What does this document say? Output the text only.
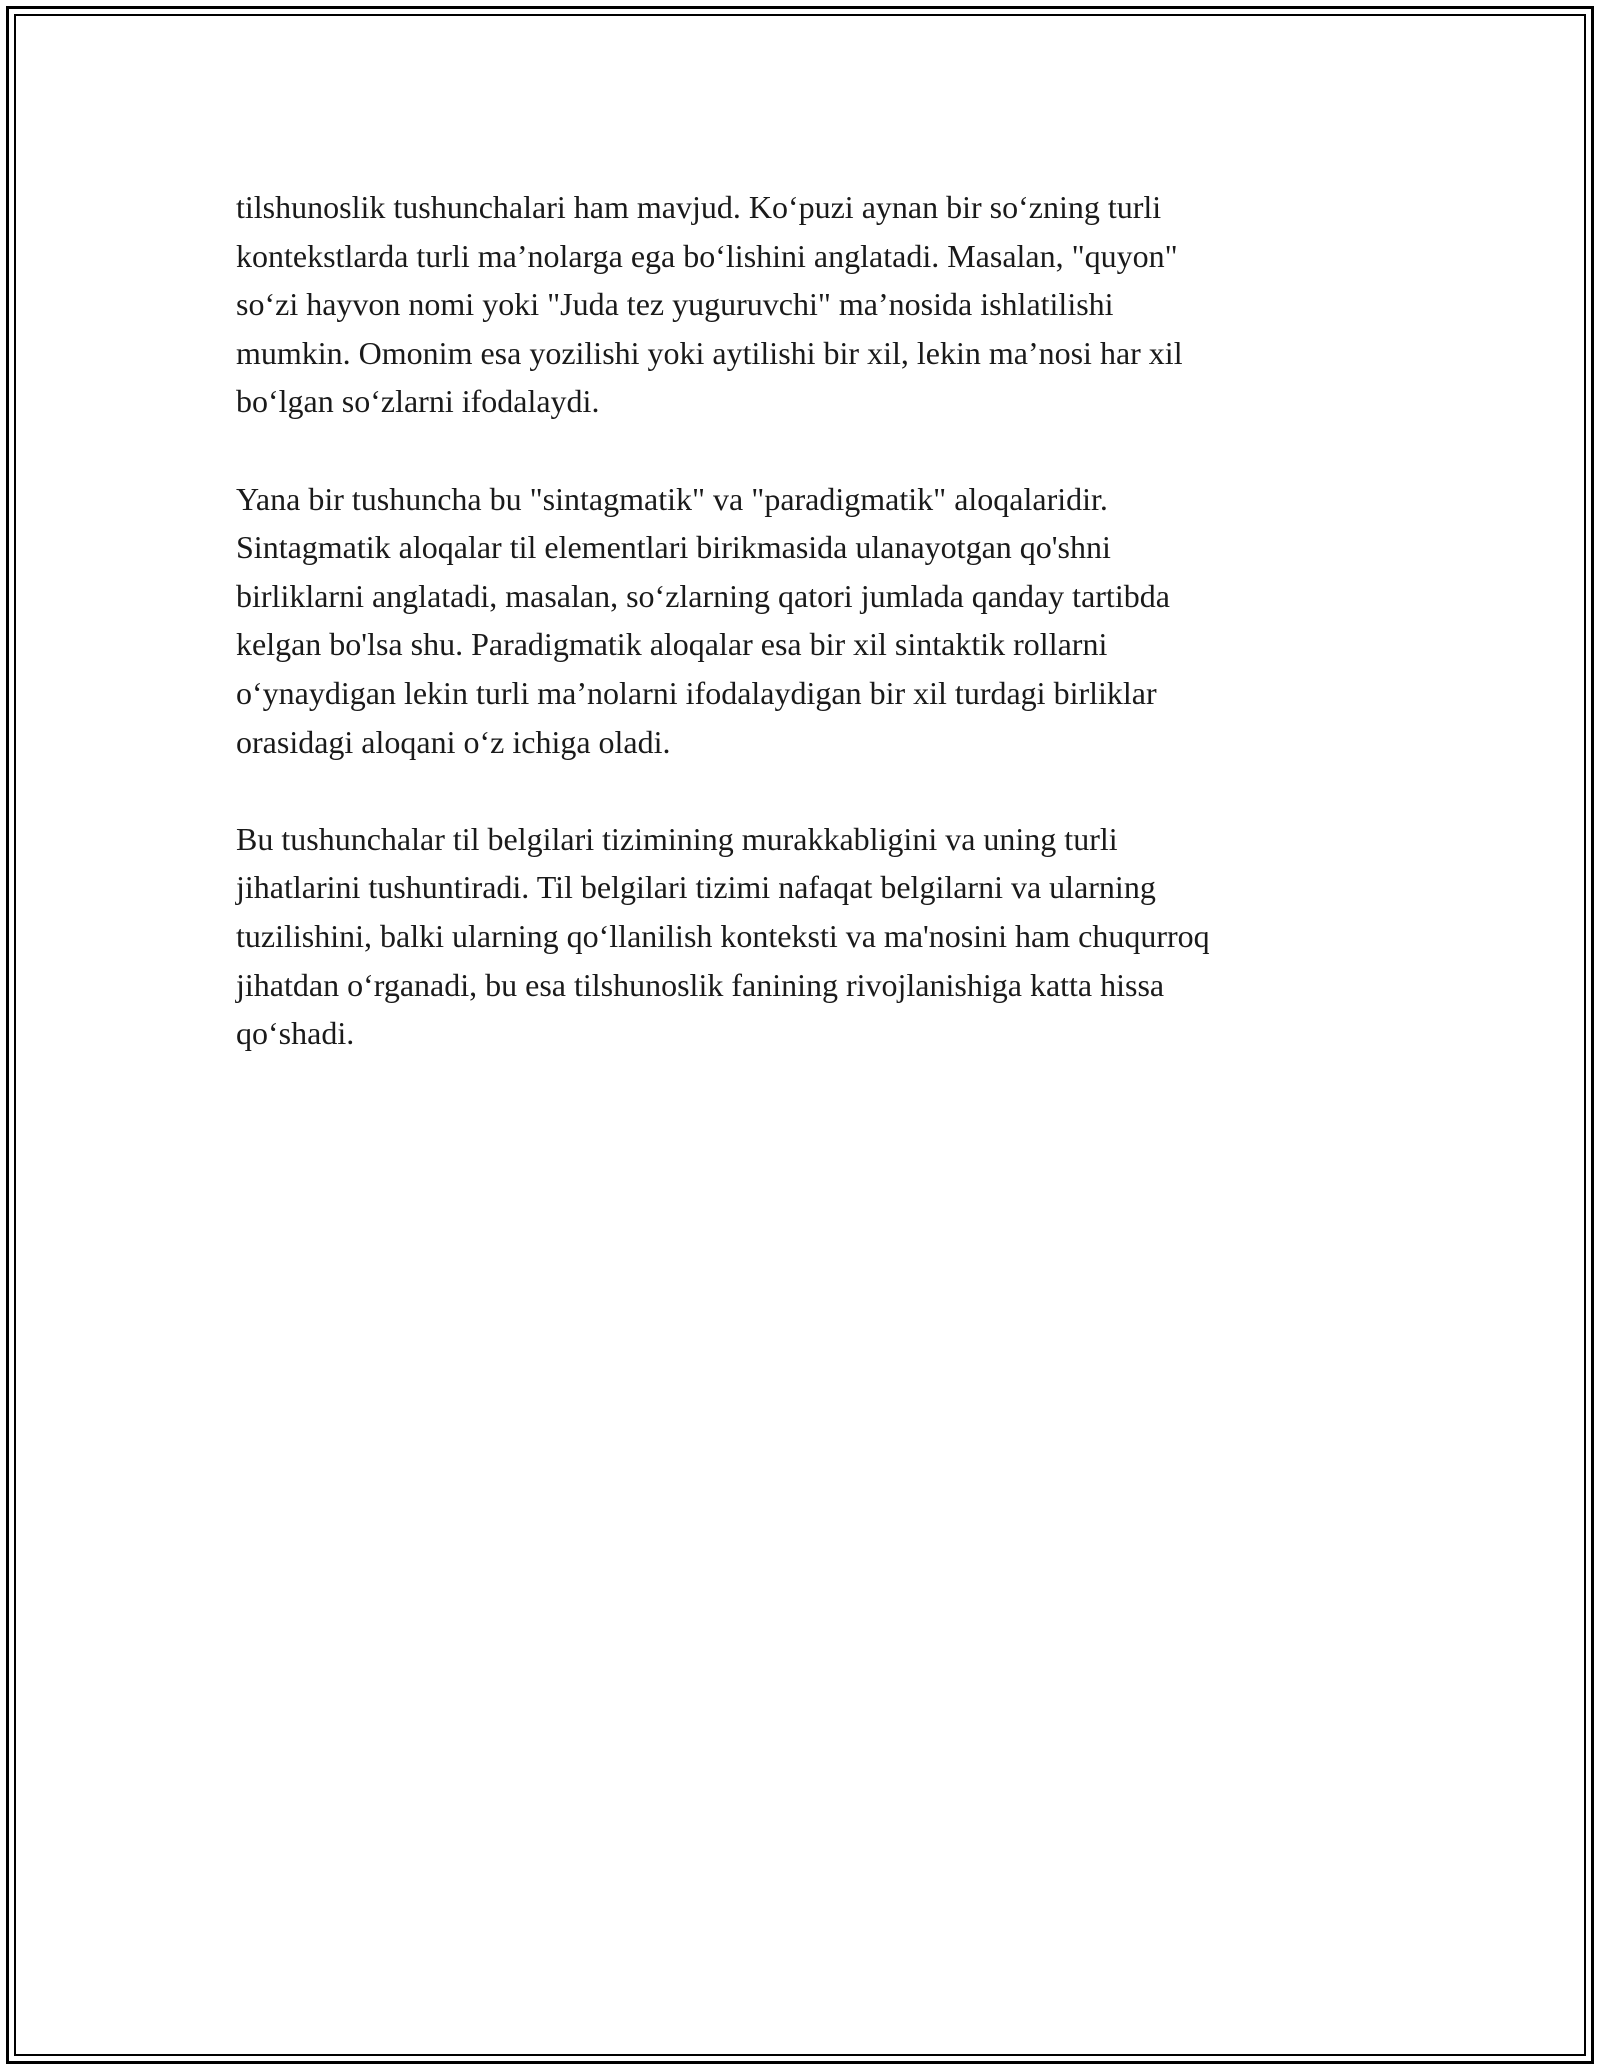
tilshunoslik tushunchalari ham mavjud. Koʻpuzi aynan bir soʻzning turli
kontekstlarda turli maʼnolarga ega boʻlishini anglatadi. Masalan, "quyon"
soʻzi hayvon nomi yoki "Juda tez yuguruvchi" maʼnosida ishlatilishi
mumkin. Omonim esa yozilishi yoki aytilishi bir xil, lekin maʼnosi har xil
boʻlgan soʻzlarni ifodalaydi.

Yana bir tushuncha bu "sintagmatik" va "paradigmatik" aloqalaridir.
Sintagmatik aloqalar til elementlari birikmasida ulanayotgan qo'shni
birliklarni anglatadi, masalan, soʻzlarning qatori jumlada qanday tartibda
kelgan bo'lsa shu. Paradigmatik aloqalar esa bir xil sintaktik rollarni
oʻynaydigan lekin turli maʼnolarni ifodalaydigan bir xil turdagi birliklar
orasidagi aloqani oʻz ichiga oladi.

Bu tushunchalar til belgilari tizimining murakkabligini va uning turli
jihatlarini tushuntiradi. Til belgilari tizimi nafaqat belgilarni va ularning
tuzilishini, balki ularning qoʻllanilish konteksti va ma'nosini ham chuqurroq
jihatdan oʻrganadi, bu esa tilshunoslik fanining rivojlanishiga katta hissa
qoʻshadi.
